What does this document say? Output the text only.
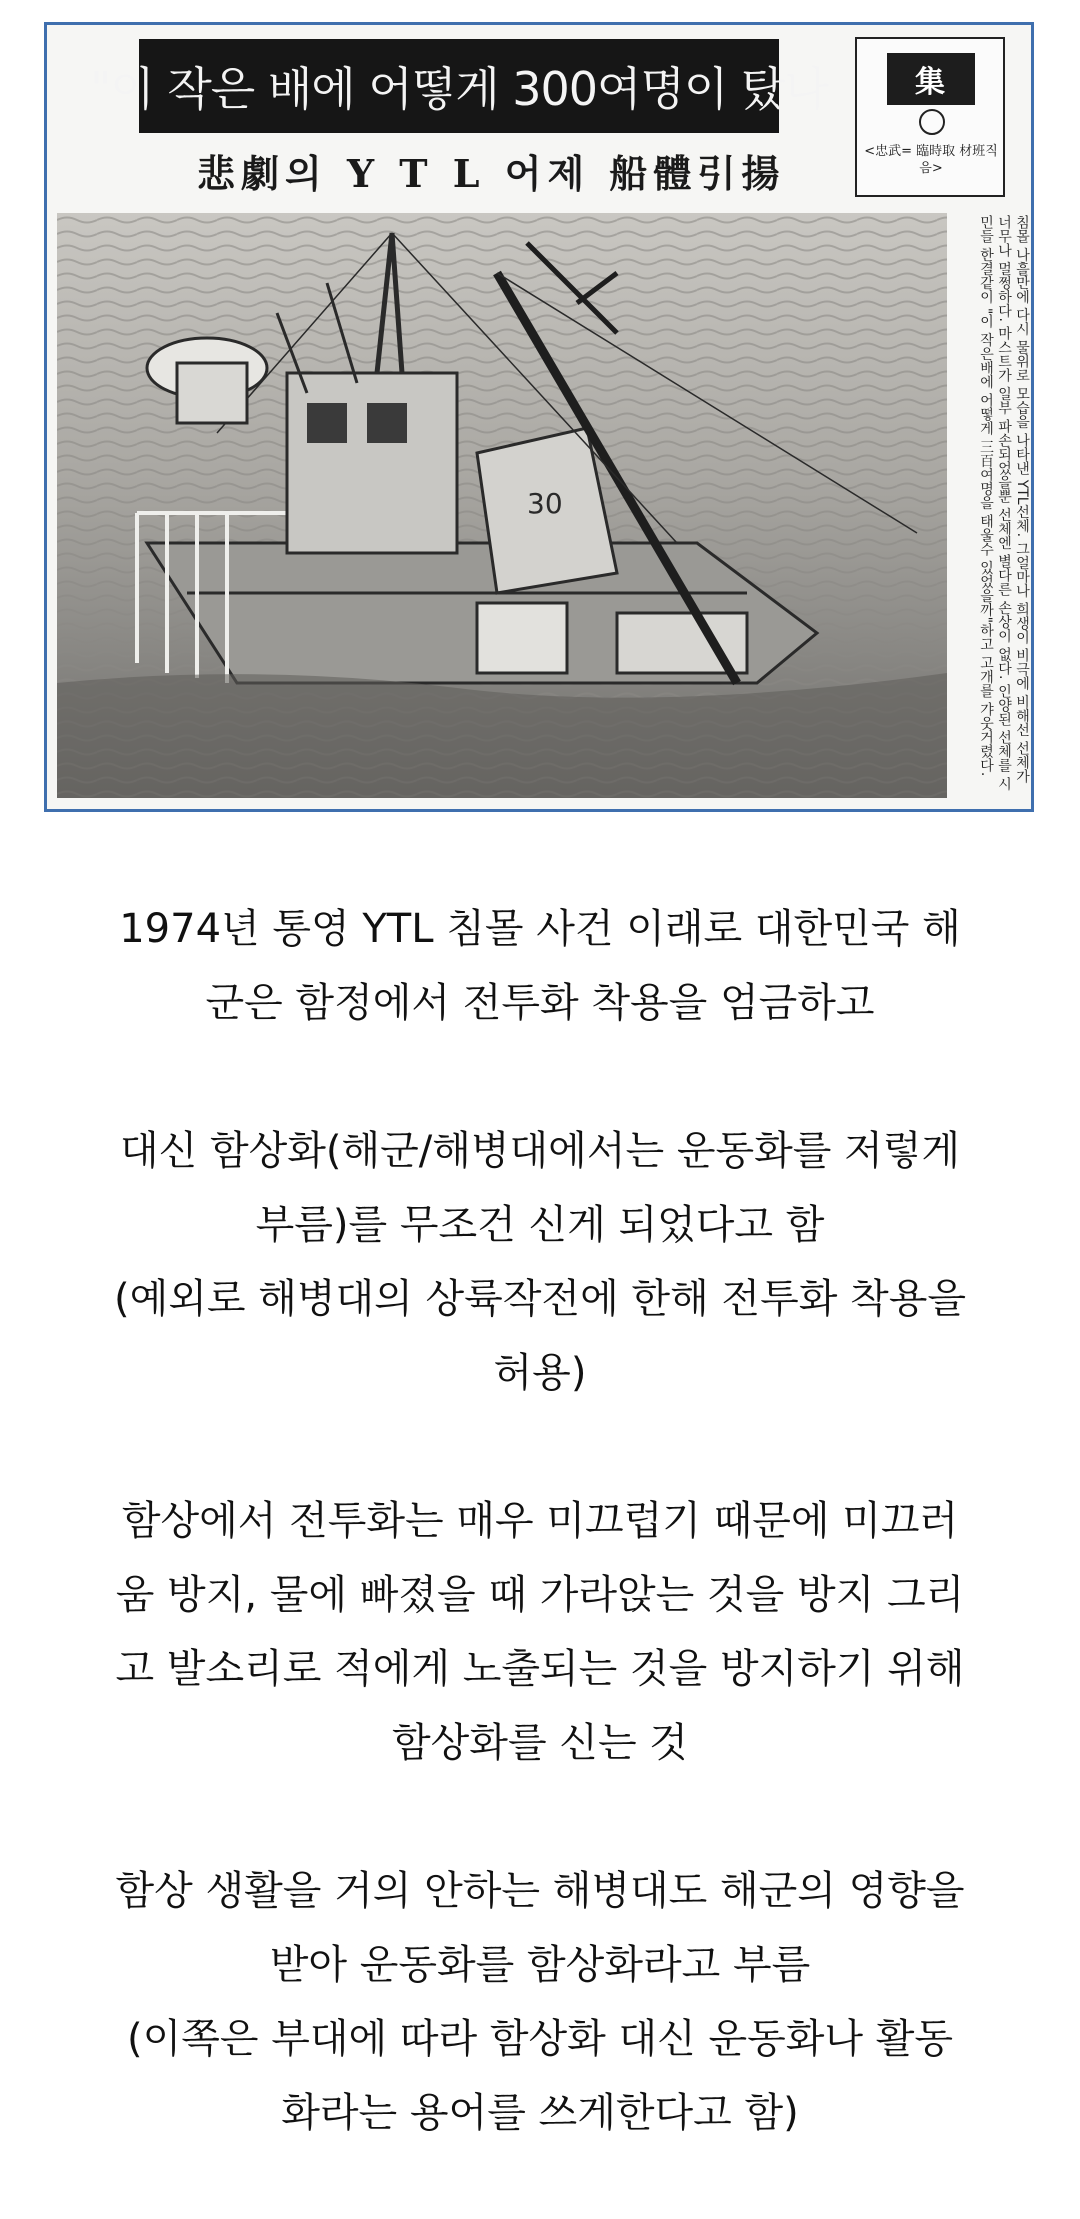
"이 작은 배에 어떻게 300여명이 탔나
悲劇의 Y T L 어제 船體引揚
集
<忠武= 臨時取 材班직음>
30	침몰 나흘만에 다시 물위로 모습을 나타낸 YTL선체. 그얼마나 희생이 비극에 비해선 선체가 너무나 멀쩡하다. 마스트가 일부 파손되었을뿐 선체엔 별다른 손상이 없다. 인양된 선체를 시민들 한결같이 "이 작은배에 어떻게 三百여명을 태울수 있었을까"하고 고개를 갸웃거렸다.
1974년 통영 YTL 침몰 사건 이래로 대한민국 해
군은 함정에서 전투화 착용을 엄금하고
대신 함상화(해군/해병대에서는 운동화를 저렇게
부름)를 무조건 신게 되었다고 함
(예외로 해병대의 상륙작전에 한해 전투화 착용을
허용)
함상에서 전투화는 매우 미끄럽기 때문에 미끄러
움 방지, 물에 빠졌을 때 가라앉는 것을 방지 그리
고 발소리로 적에게 노출되는 것을 방지하기 위해
함상화를 신는 것
함상 생활을 거의 안하는 해병대도 해군의 영향을
받아 운동화를 함상화라고 부름
(이쪽은 부대에 따라 함상화 대신 운동화나 활동
화라는 용어를 쓰게한다고 함)
